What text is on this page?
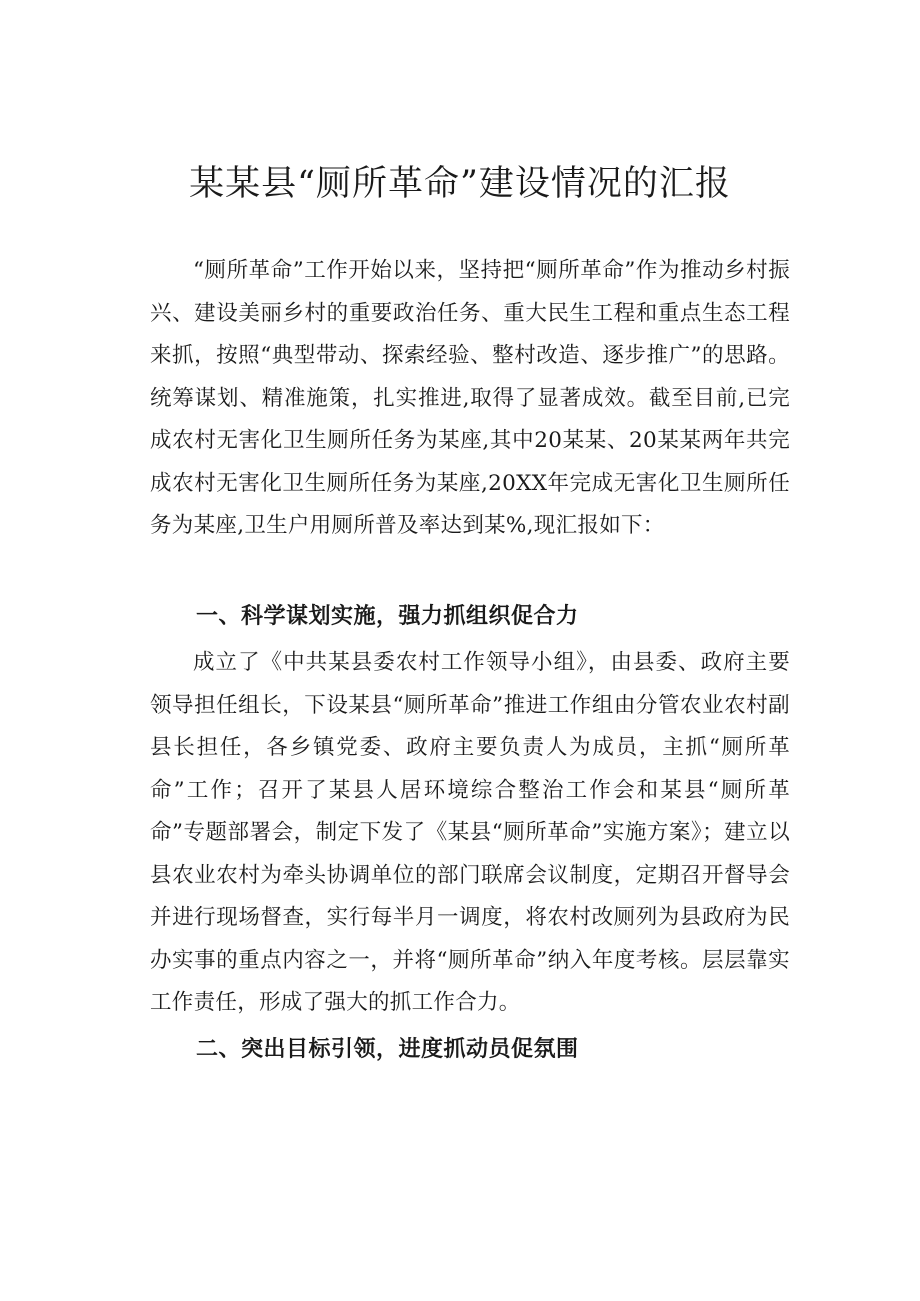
某某县“厕所革命”建设情况的汇报

“厕所革命”工作开始以来，坚持把“厕所革命”作为推动乡村振兴、建设美丽乡村的重要政治任务、重大民生工程和重点生态工程来抓，按照“典型带动、探索经验、整村改造、逐步推广”的思路。统筹谋划、精准施策，扎实推进,取得了显著成效。截至目前,已完成农村无害化卫生厕所任务为某座,其中20某某、20某某两年共完成农村无害化卫生厕所任务为某座,20XX年完成无害化卫生厕所任务为某座,卫生户用厕所普及率达到某%,现汇报如下：

一、科学谋划实施，强力抓组织促合力

成立了《中共某县委农村工作领导小组》，由县委、政府主要领导担任组长，下设某县“厕所革命”推进工作组由分管农业农村副县长担任，各乡镇党委、政府主要负责人为成员，主抓“厕所革命”工作；召开了某县人居环境综合整治工作会和某县“厕所革命”专题部署会，制定下发了《某县“厕所革命”实施方案》；建立以县农业农村为牵头协调单位的部门联席会议制度，定期召开督导会并进行现场督查，实行每半月一调度，将农村改厕列为县政府为民办实事的重点内容之一，并将“厕所革命”纳入年度考核。层层靠实工作责任，形成了强大的抓工作合力。

二、突出目标引领，进度抓动员促氛围
